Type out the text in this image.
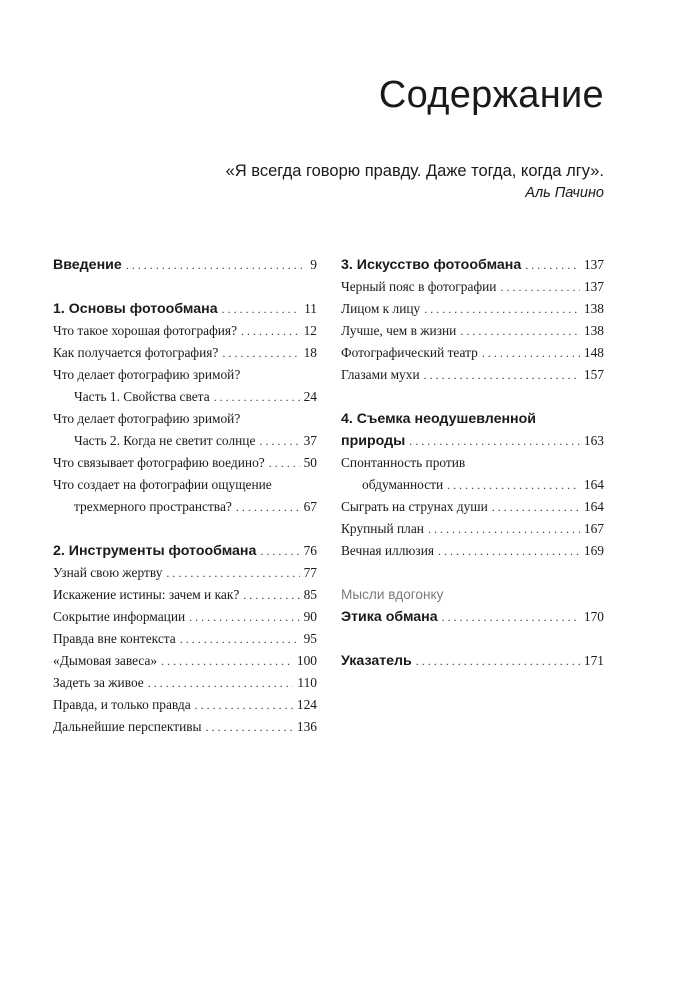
Содержание
«Я всегда говорю правду. Даже тогда, когда лгу».
Аль Пачино
Введение . . .	9
1. Основы фотообмана . . .	11
Что такое хорошая фотография? . . .	12
Как получается фотография? . . .	18
Что делает фотографию зримой?
Часть 1. Свойства света . . .	24
Что делает фотографию зримой?
Часть 2. Когда не светит солнце . . .	37
Что связывает фотографию воедино? . . .	50
Что создает на фотографии ощущение
трехмерного пространства? . . .	67
2. Инструменты фотообмана . . .	76
Узнай свою жертву . . .	77
Искажение истины: зачем и как? . . .	85
Сокрытие информации . . .	90
Правда вне контекста . . .	95
«Дымовая завеса» . . .	100
Задеть за живое . . .	110
Правда, и только правда . . .	124
Дальнейшие перспективы . . .	136
3. Искусство фотообмана . . .	137
Черный пояс в фотографии . . .	137
Лицом к лицу . . .	138
Лучше, чем в жизни . . .	138
Фотографический театр . . .	148
Глазами мухи . . .	157
4. Съемка неодушевленной
природы . . .	163
Спонтанность против
обдуманности . . .	164
Сыграть на струнах души . . .	164
Крупный план . . .	167
Вечная иллюзия . . .	169
Мысли вдогонку
Этика обмана . . .	170
Указатель . . .	171
